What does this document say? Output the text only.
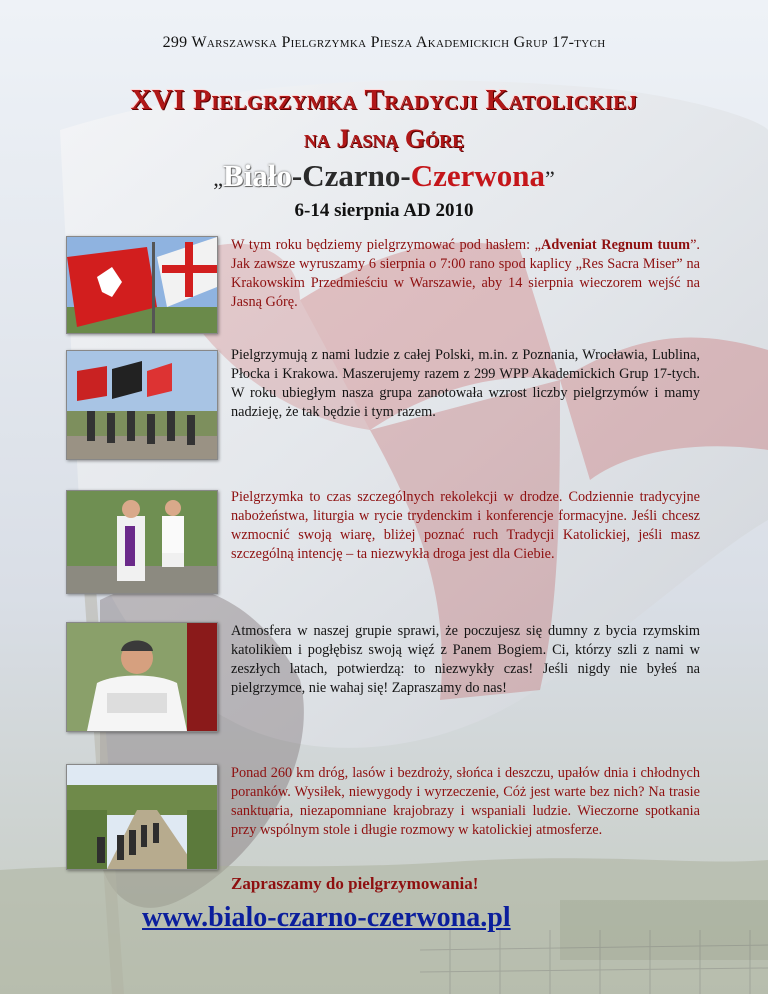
299 Warszawska Pielgrzymka Piesza Akademickich Grup 17-tych
XVI Pielgrzymka Tradycji Katolickiej
na Jasną Górę
„Biało-Czarno-Czerwona”
6-14 sierpnia AD 2010
W tym roku będziemy pielgrzymować pod hasłem: „Adveniat Regnum tuum”. Jak zawsze wyruszamy 6 sierpnia o 7:00 rano spod kaplicy „Res Sacra Miser” na Krakowskim Przedmieściu w Warszawie, aby 14 sierpnia wieczorem wejść na Jasną Górę.
Pielgrzymują z nami ludzie z całej Polski, m.in. z Poznania, Wrocławia, Lublina, Płocka i Krakowa. Maszerujemy razem z 299 WPP Akademickich Grup 17-tych. W roku ubiegłym nasza grupa zanotowała wzrost liczby pielgrzymów i mamy nadzieję, że tak będzie i tym razem.
Pielgrzymka to czas szczególnych rekolekcji w drodze. Codziennie tradycyjne nabożeństwa, liturgia w rycie trydenckim i konferencje formacyjne. Jeśli chcesz wzmocnić swoją wiarę, bliżej poznać ruch Tradycji Katolickiej, jeśli masz szczególną intencję – ta niezwykła droga jest dla Ciebie.
Atmosfera w naszej grupie sprawi, że poczujesz się dumny z bycia rzymskim katolikiem i pogłębisz swoją więź z Panem Bogiem. Ci, którzy szli z nami w zeszłych latach, potwierdzą: to niezwykły czas! Jeśli nigdy nie byłeś na pielgrzymce, nie wahaj się! Zapraszamy do nas!
Ponad 260 km dróg, lasów i bezdroży, słońca i deszczu, upałów dnia i chłodnych poranków. Wysiłek, niewygody i wyrzeczenie, Cóż jest warte bez nich? Na trasie sanktuaria, niezapomniane krajobrazy i wspaniali ludzie. Wieczorne spotkania przy wspólnym stole i długie rozmowy w katolickiej atmosferze.
Zapraszamy do pielgrzymowania!
www.bialo-czarno-czerwona.pl
